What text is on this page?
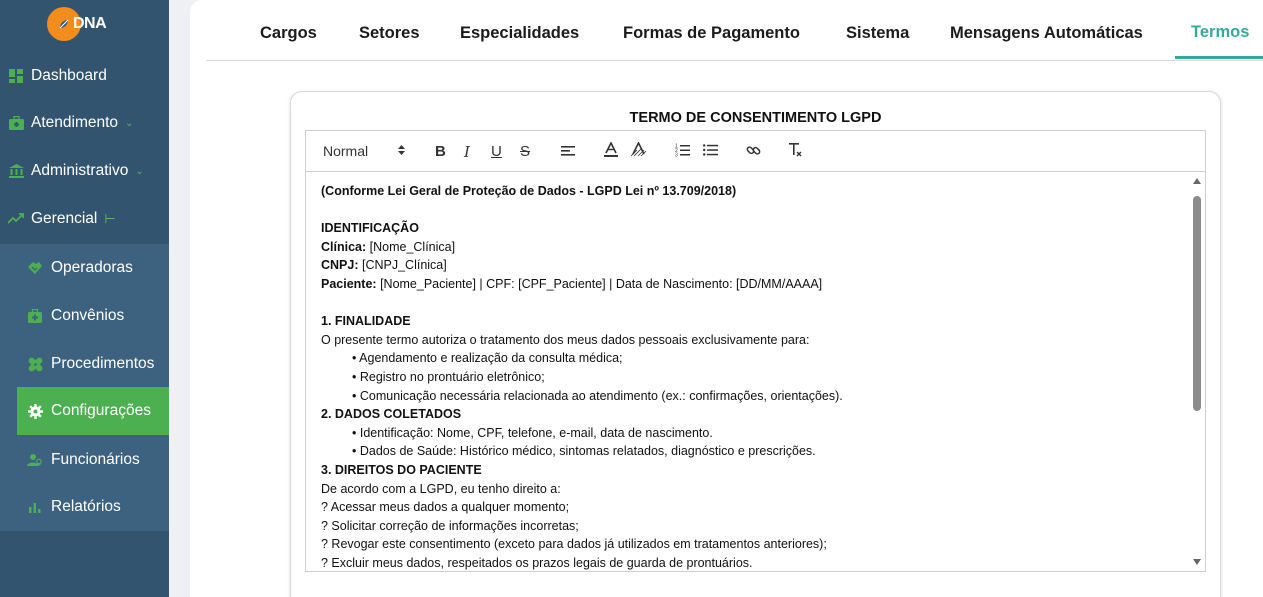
DNA
Dashboard
Atendimento ⌄
Administrativo ⌄
Gerencial ⊢
Operadoras
Convênios
Procedimentos
Configurações
Funcionários
Relatórios
Cargos	Setores Especialidades	Formas de Pagamento	Sistema Mensagens Automáticas	Termos
TERMO DE CONSENTIMENTO LGPD
Normal	B I U S	1
2
3

(Conforme Lei Geral de Proteção de Dados - LGPD Lei nº 13.709/2018)

IDENTIFICAÇÃO

Clínica: [Nome_Clínica]

CNPJ: [CNPJ_Clínica]

Paciente: [Nome_Paciente] | CPF: [CPF_Paciente] | Data de Nascimento: [DD/MM/AAAA]

1. FINALIDADE

O presente termo autoriza o tratamento dos meus dados pessoais exclusivamente para:

• Agendamento e realização da consulta médica;

• Registro no prontuário eletrônico;

• Comunicação necessária relacionada ao atendimento (ex.: confirmações, orientações).

2. DADOS COLETADOS

• Identificação: Nome, CPF, telefone, e-mail, data de nascimento.

• Dados de Saúde: Histórico médico, sintomas relatados, diagnóstico e prescrições.

3. DIREITOS DO PACIENTE

De acordo com a LGPD, eu tenho direito a:

? Acessar meus dados a qualquer momento;

? Solicitar correção de informações incorretas;

? Revogar este consentimento (exceto para dados já utilizados em tratamentos anteriores);

? Excluir meus dados, respeitados os prazos legais de guarda de prontuários.
